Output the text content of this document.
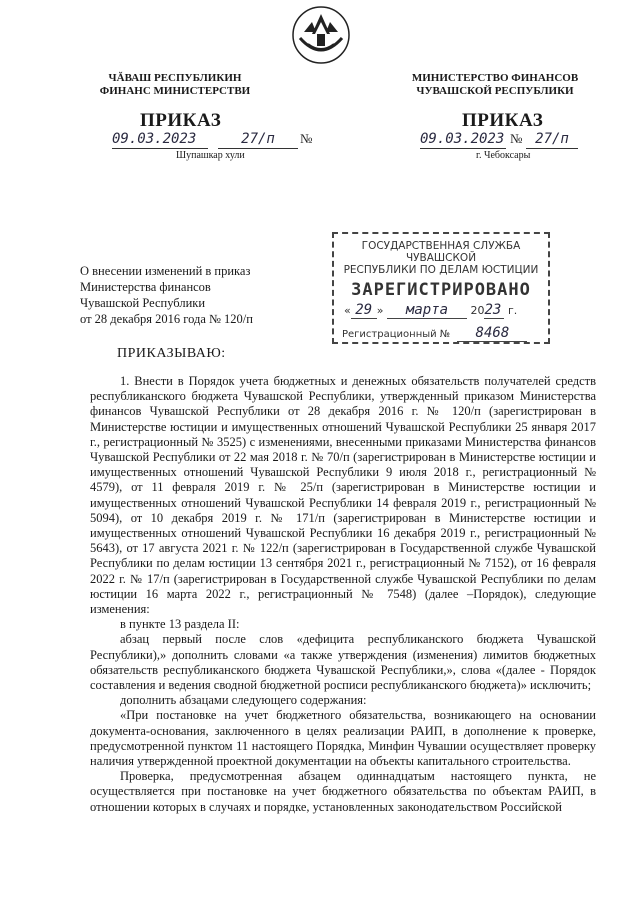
ЧĂВАШ РЕСПУБЛИКИН
ФИНАНС МИНИСТЕРСТВИ
МИНИСТЕРСТВО ФИНАНСОВ
ЧУВАШСКОЙ РЕСПУБЛИКИ
ПРИКАЗ	ПРИКАЗ
09.03.2023	27/п	№
Шупашкар хули
09.03.2023 № 27/п
г. Чебоксары
О внесении изменений в приказ
Министерства финансов
Чувашской Республики
от 28 декабря 2016 года № 120/п
ГОСУДАРСТВЕННАЯ СЛУЖБА ЧУВАШСКОЙ
РЕСПУБЛИКИ ПО ДЕЛАМ ЮСТИЦИИ
ЗАРЕГИСТРИРОВАНО
« 29 » марта 2023 г.
Регистрационный № 8468
ПРИКАЗЫВАЮ:

1. Внести в Порядок учета бюджетных и денежных обязательств получателей средств республиканского бюджета Чувашской Республики, утвержденный приказом Министерства финансов Чувашской Республики от 28 декабря 2016 г. № 120/п (зарегистрирован в Министерстве юстиции и имущественных отношений Чувашской Республики 25 января 2017 г., регистрационный № 3525) с изменениями, внесенными приказами Министерства финансов Чувашской Республики от 22 мая 2018 г. № 70/п (зарегистрирован в Министерстве юстиции и имущественных отношений Чувашской Республики 9 июля 2018 г., регистрационный № 4579), от 11 февраля 2019 г. № 25/п (зарегистрирован в Министерстве юстиции и имущественных отношений Чувашской Республики 14 февраля 2019 г., регистрационный № 5094), от 10 декабря 2019 г. № 171/п (зарегистрирован в Министерстве юстиции и имущественных отношений Чувашской Республики 16 декабря 2019 г., регистрационный № 5643), от 17 августа 2021 г. № 122/п (зарегистрирован в Государственной службе Чувашской Республики по делам юстиции 13 сентября 2021 г., регистрационный № 7152), от 16 февраля 2022 г. № 17/п (зарегистрирован в Государственной службе Чувашской Республики по делам юстиции 16 марта 2022 г., регистрационный № 7548) (далее –Порядок), следующие изменения:

в пункте 13 раздела II:

абзац первый после слов «дефицита республиканского бюджета Чувашской Республики),» дополнить словами «а также утверждения (изменения) лимитов бюджетных обязательств республиканского бюджета Чувашской Республики,», слова «(далее - Порядок составления и ведения сводной бюджетной росписи республиканского бюджета)» исключить;

дополнить абзацами следующего содержания:

«При постановке на учет бюджетного обязательства, возникающего на основании документа-основания, заключенного в целях реализации РАИП, в дополнение к проверке, предусмотренной пунктом 11 настоящего Порядка, Минфин Чувашии осуществляет проверку наличия утвержденной проектной документации на объекты капитального строительства.

Проверка, предусмотренная абзацем одиннадцатым настоящего пункта, не осуществляется при постановке на учет бюджетного обязательства по объектам РАИП, в отношении которых в случаях и порядке, установленных законодательством Российской
